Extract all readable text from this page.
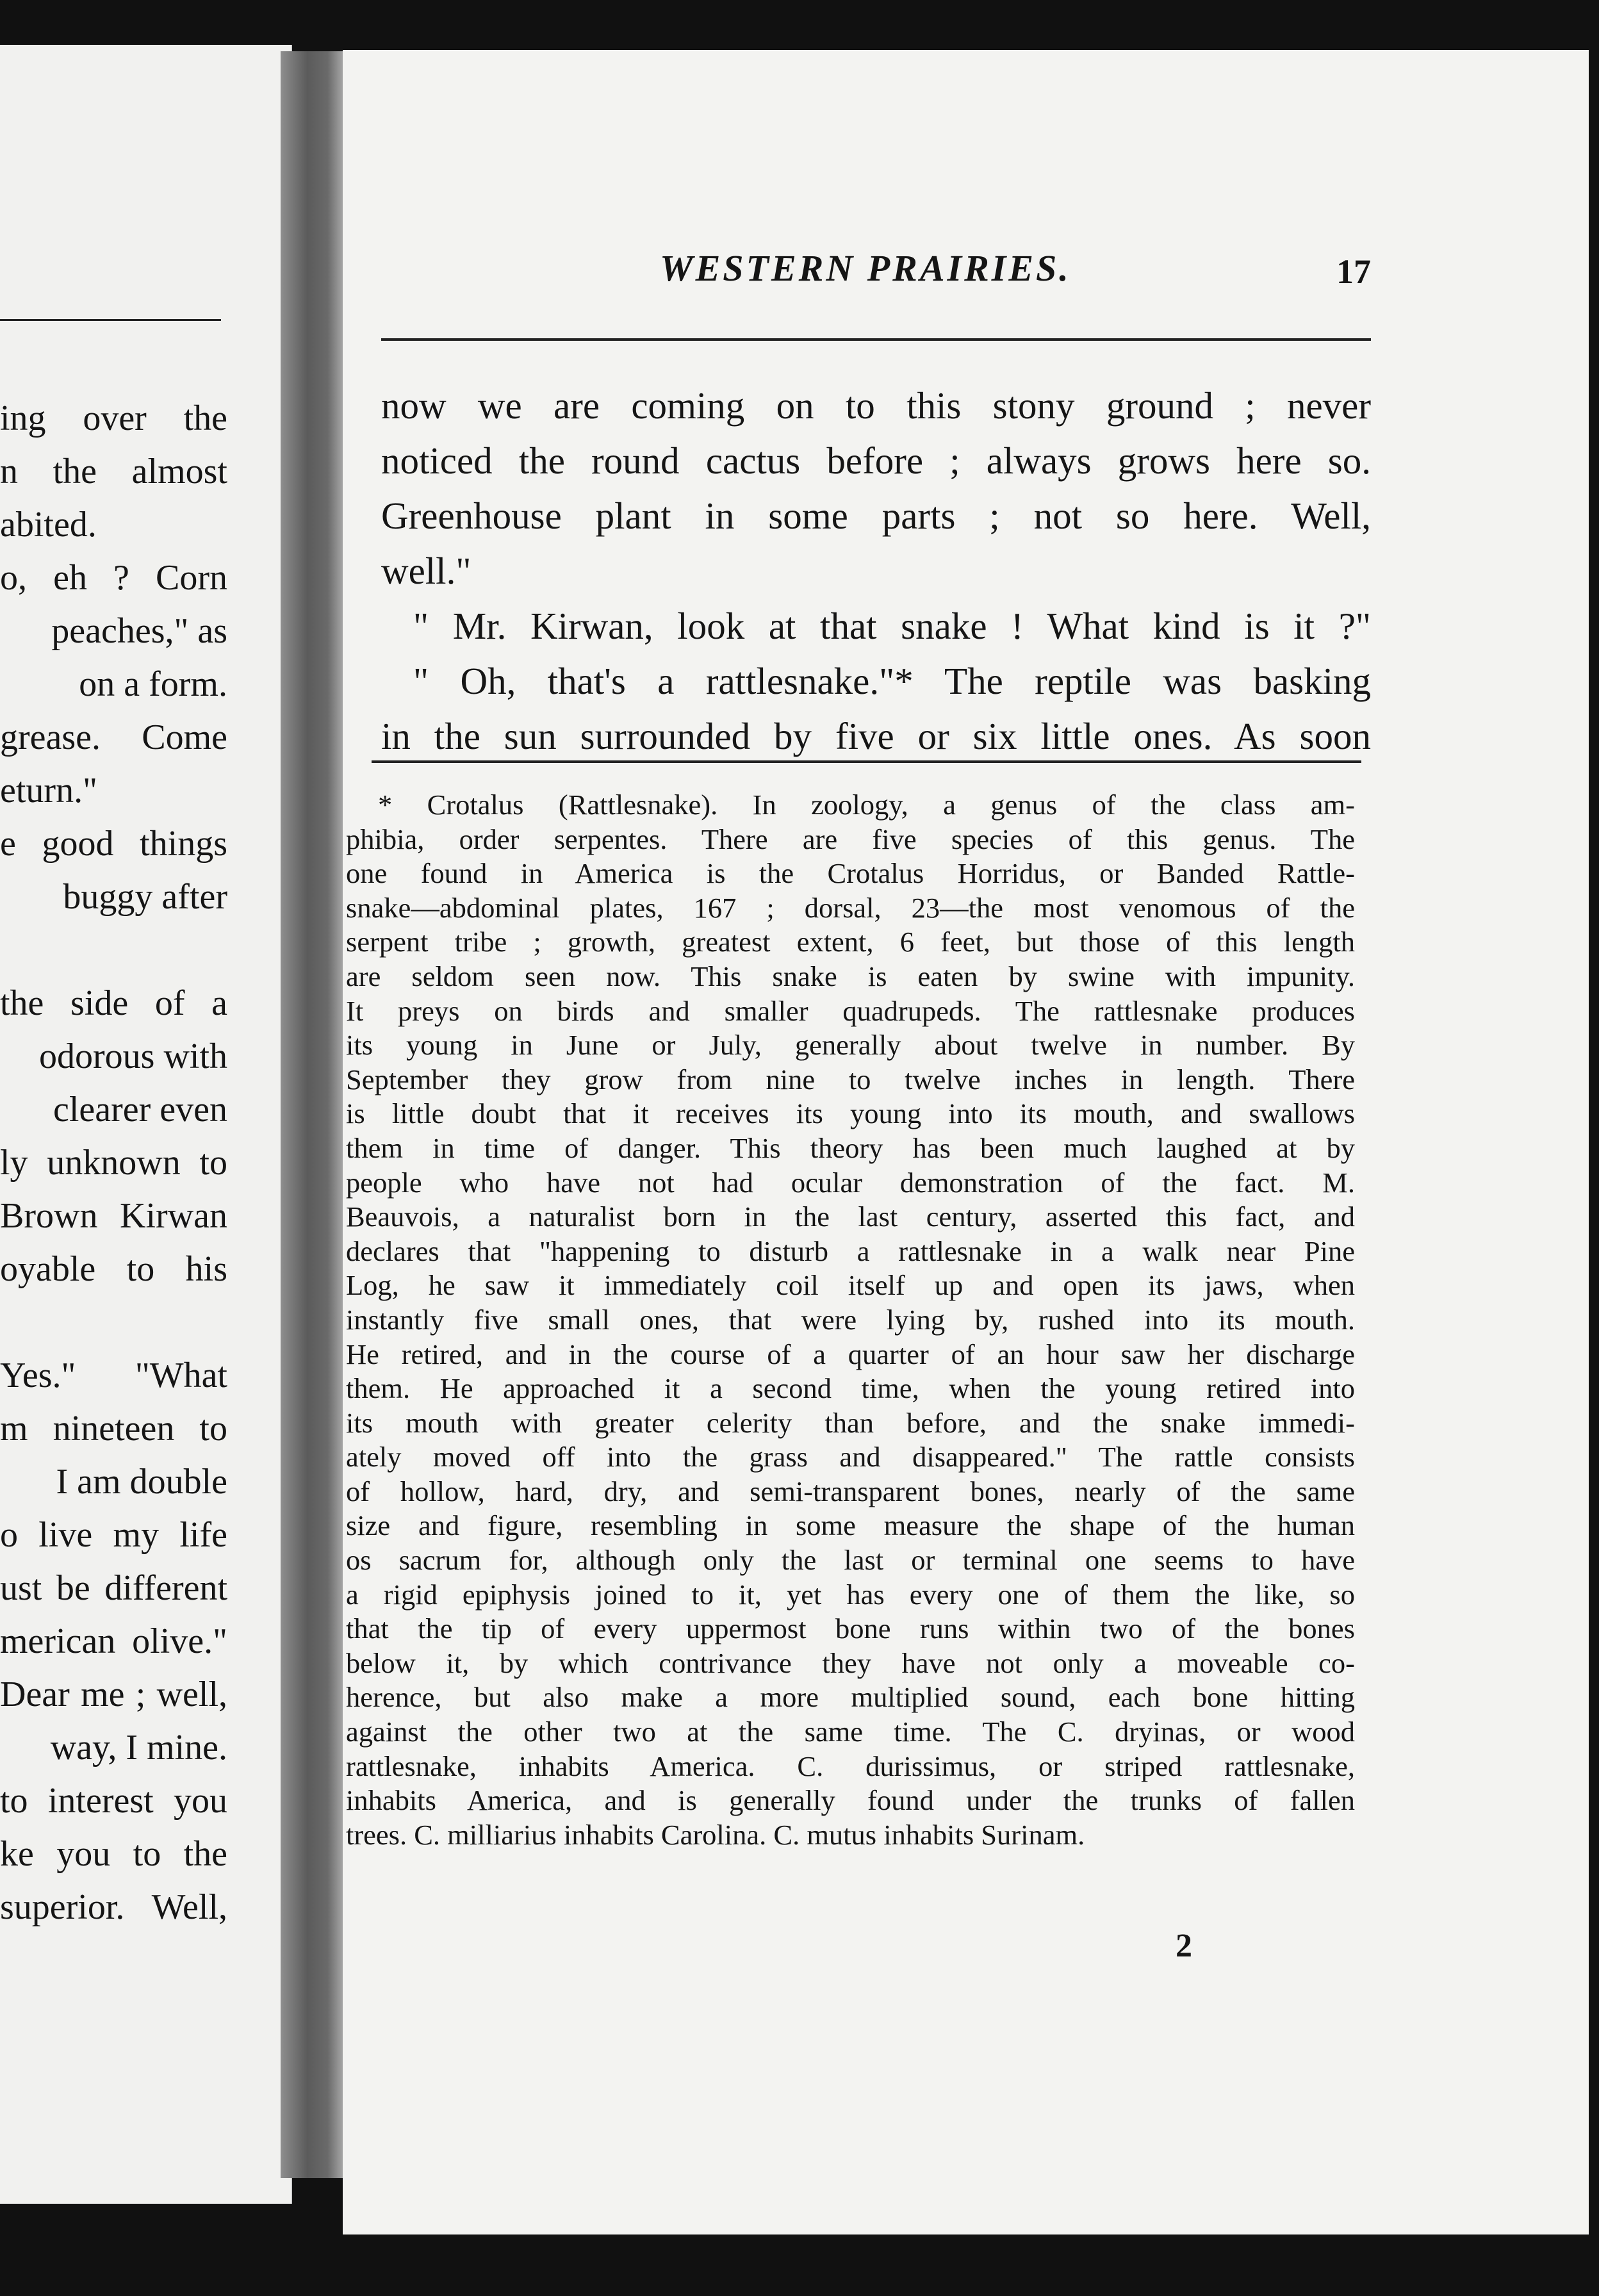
ing over the
n the almost
abited.
o, eh ? Corn
peaches," as
on a form.
grease. Come
eturn."
e good things
buggy after
the side of a
odorous with
clearer even
ly unknown to
Brown Kirwan
oyable to his
Yes." "What
m nineteen to
I am double
o live my life
ust be different
merican olive."
Dear me ; well,
way, I mine.
to interest you
ke you to the
superior. Well,
WESTERN PRAIRIES.	17
now we are coming on to this stony ground ; never
noticed the round cactus before ; always grows here so.
Greenhouse plant in some parts ; not so here. Well,
well."
" Mr. Kirwan, look at that snake ! What kind is it ?"
" Oh, that's a rattlesnake."* The reptile was basking
in the sun surrounded by five or six little ones. As soon
* Crotalus (Rattlesnake). In zoology, a genus of the class am-
phibia, order serpentes. There are five species of this genus. The
one found in America is the Crotalus Horridus, or Banded Rattle-
snake—abdominal plates, 167 ; dorsal, 23—the most venomous of the
serpent tribe ; growth, greatest extent, 6 feet, but those of this length
are seldom seen now. This snake is eaten by swine with impunity.
It preys on birds and smaller quadrupeds. The rattlesnake produces
its young in June or July, generally about twelve in number. By
September they grow from nine to twelve inches in length. There
is little doubt that it receives its young into its mouth, and swallows
them in time of danger. This theory has been much laughed at by
people who have not had ocular demonstration of the fact. M.
Beauvois, a naturalist born in the last century, asserted this fact, and
declares that "happening to disturb a rattlesnake in a walk near Pine
Log, he saw it immediately coil itself up and open its jaws, when
instantly five small ones, that were lying by, rushed into its mouth.
He retired, and in the course of a quarter of an hour saw her discharge
them. He approached it a second time, when the young retired into
its mouth with greater celerity than before, and the snake immedi-
ately moved off into the grass and disappeared." The rattle consists
of hollow, hard, dry, and semi-transparent bones, nearly of the same
size and figure, resembling in some measure the shape of the human
os sacrum for, although only the last or terminal one seems to have
a rigid epiphysis joined to it, yet has every one of them the like, so
that the tip of every uppermost bone runs within two of the bones
below it, by which contrivance they have not only a moveable co-
herence, but also make a more multiplied sound, each bone hitting
against the other two at the same time. The C. dryinas, or wood
rattlesnake, inhabits America. C. durissimus, or striped rattlesnake,
inhabits America, and is generally found under the trunks of fallen
trees. C. milliarius inhabits Carolina. C. mutus inhabits Surinam.
2
